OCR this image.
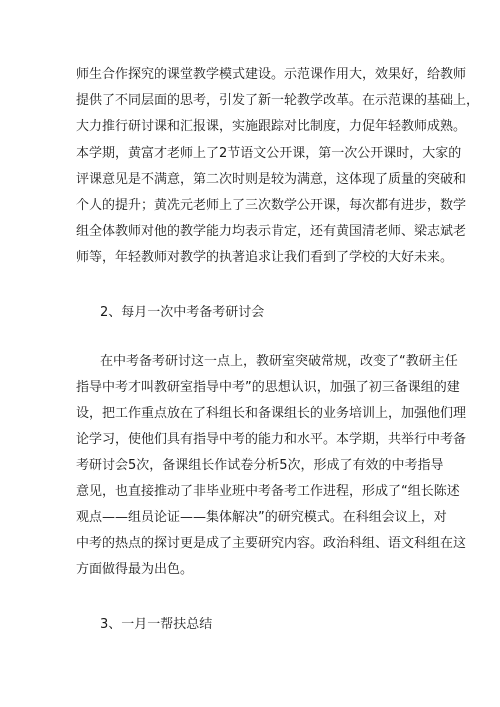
师生合作探究的课堂教学模式建设。示范课作用大，效果好，给教师
提供了不同层面的思考，引发了新一轮教学改革。在示范课的基础上，
大力推行研讨课和汇报课，实施跟踪对比制度，力促年轻教师成熟。
本学期，黄富才老师上了2节语文公开课，第一次公开课时，大家的
评课意见是不满意，第二次时则是较为满意，这体现了质量的突破和
个人的提升；黄冼元老师上了三次数学公开课，每次都有进步，数学
组全体教师对他的教学能力均表示肯定，还有黄国清老师、梁志斌老
师等，年轻教师对教学的执著追求让我们看到了学校的大好未来。
2、每月一次中考备考研讨会
在中考备考研讨这一点上，教研室突破常规，改变了“教研主任
指导中考才叫教研室指导中考”的思想认识，加强了初三备课组的建
设，把工作重点放在了科组长和备课组长的业务培训上，加强他们理
论学习，使他们具有指导中考的能力和水平。本学期，共举行中考备
考研讨会5次，备课组长作试卷分析5次，形成了有效的中考指导
意见，也直接推动了非毕业班中考备考工作进程，形成了“组长陈述
观点——组员论证——集体解决”的研究模式。在科组会议上，对
中考的热点的探讨更是成了主要研究内容。政治科组、语文科组在这
方面做得最为出色。
3、一月一帮扶总结
